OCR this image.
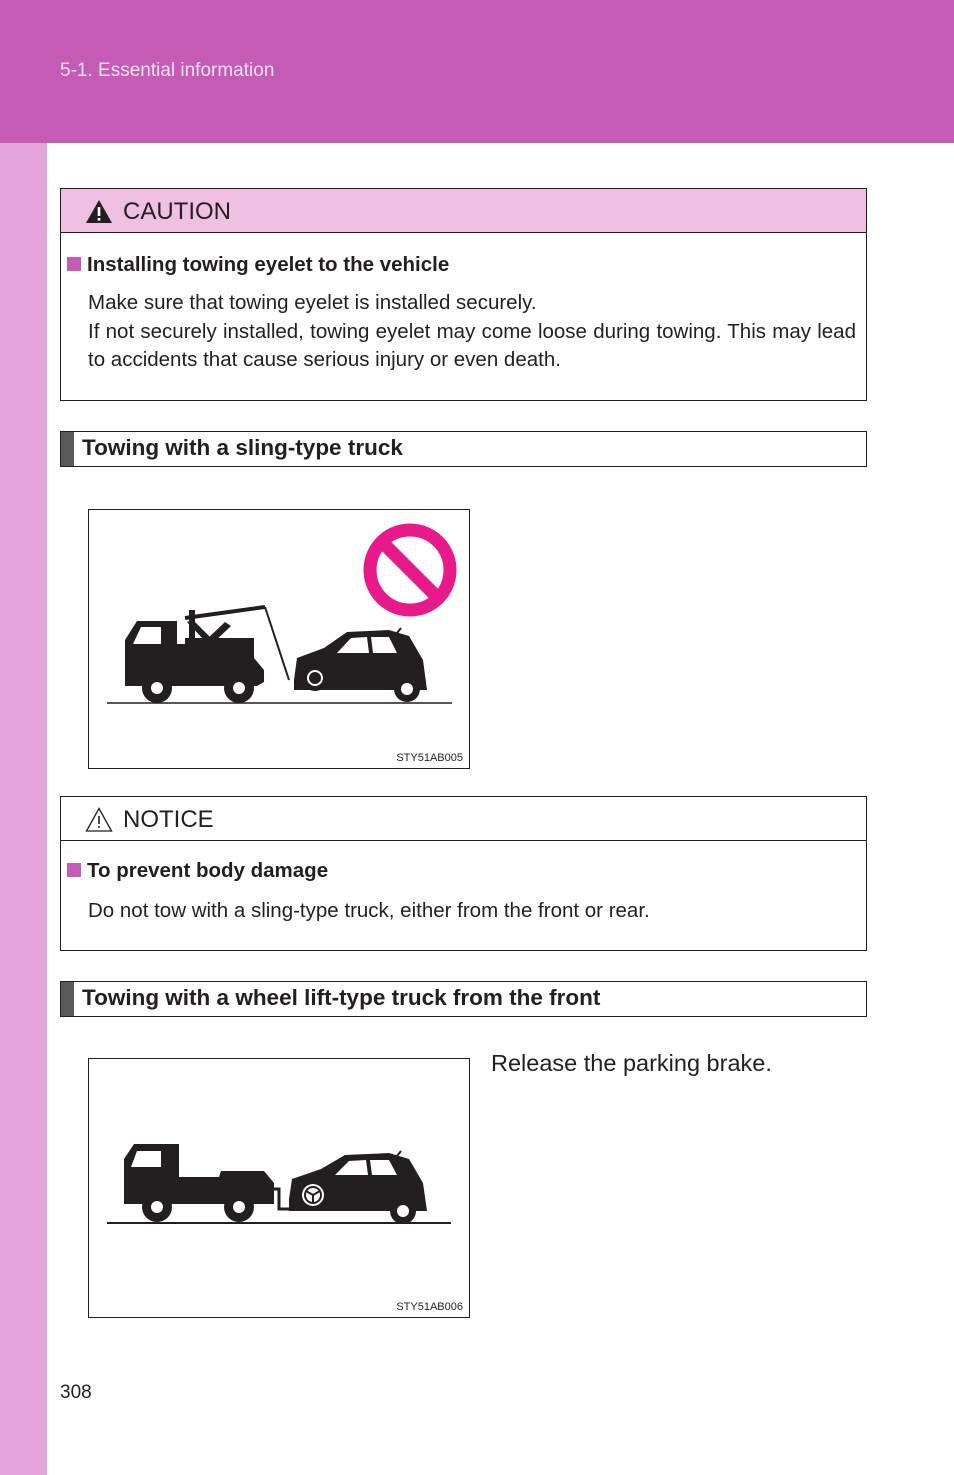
5-1. Essential information
CAUTION
Installing towing eyelet to the vehicle
Make sure that towing eyelet is installed securely.
If not securely installed, towing eyelet may come loose during towing. This may lead to accidents that cause serious injury or even death.
Towing with a sling-type truck
STY51AB005
NOTICE
To prevent body damage
Do not tow with a sling-type truck, either from the front or rear.
Towing with a wheel lift-type truck from the front
STY51AB006
Release the parking brake.
308
